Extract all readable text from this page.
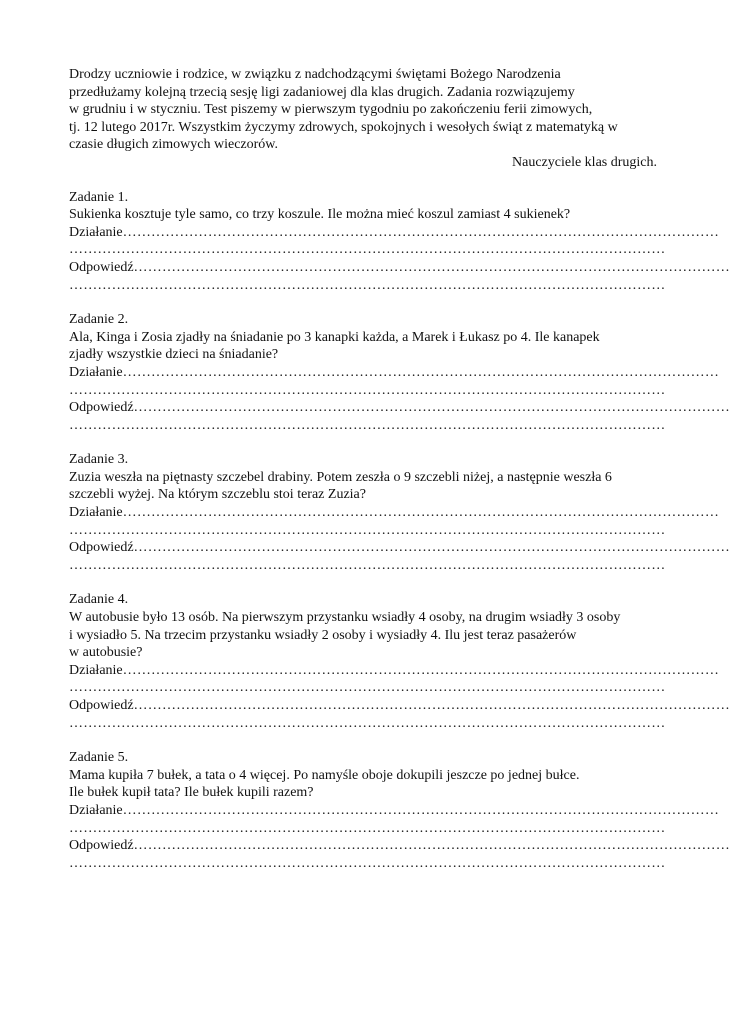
Drodzy uczniowie i rodzice, w związku z nadchodzącymi świętami Bożego Narodzenia
przedłużamy kolejną trzecią sesję ligi zadaniowej dla klas drugich. Zadania rozwiązujemy
w grudniu i w styczniu. Test piszemy w pierwszym tygodniu po zakończeniu ferii zimowych,
tj. 12 lutego 2017r. Wszystkim życzymy zdrowych, spokojnych i wesołych świąt z matematyką w
czasie długich zimowych wieczorów.
Nauczyciele klas drugich.
Zadanie 1.
Sukienka kosztuje tyle samo, co trzy koszule. Ile można mieć koszul zamiast 4 sukienek?
Działanie ………………………………………………………………………………………………………………
………………………………………………………………………………………………………………
Odpowiedź ………………………………………………………………………………………………………………
………………………………………………………………………………………………………………
Zadanie 2.
Ala, Kinga i Zosia zjadły na śniadanie po 3 kanapki każda, a Marek i Łukasz po 4. Ile kanapek
zjadły wszystkie dzieci na śniadanie?
Działanie ………………………………………………………………………………………………………………
………………………………………………………………………………………………………………
Odpowiedź ………………………………………………………………………………………………………………
………………………………………………………………………………………………………………
Zadanie 3.
Zuzia weszła na piętnasty szczebel drabiny. Potem zeszła o 9 szczebli niżej, a następnie weszła 6
szczebli wyżej. Na którym szczeblu stoi teraz Zuzia?
Działanie ………………………………………………………………………………………………………………
………………………………………………………………………………………………………………
Odpowiedź ………………………………………………………………………………………………………………
………………………………………………………………………………………………………………
Zadanie 4.
W autobusie było 13 osób. Na pierwszym przystanku wsiadły 4 osoby, na drugim wsiadły 3 osoby
i wysiadło 5. Na trzecim przystanku wsiadły 2 osoby i wysiadły 4. Ilu jest teraz pasażerów
w autobusie?
Działanie ………………………………………………………………………………………………………………
………………………………………………………………………………………………………………
Odpowiedź ………………………………………………………………………………………………………………
………………………………………………………………………………………………………………
Zadanie 5.
Mama kupiła 7 bułek, a tata o 4 więcej. Po namyśle oboje dokupili jeszcze po jednej bułce.
Ile bułek kupił tata? Ile bułek kupili razem?
Działanie ………………………………………………………………………………………………………………
………………………………………………………………………………………………………………
Odpowiedź ………………………………………………………………………………………………………………
………………………………………………………………………………………………………………
